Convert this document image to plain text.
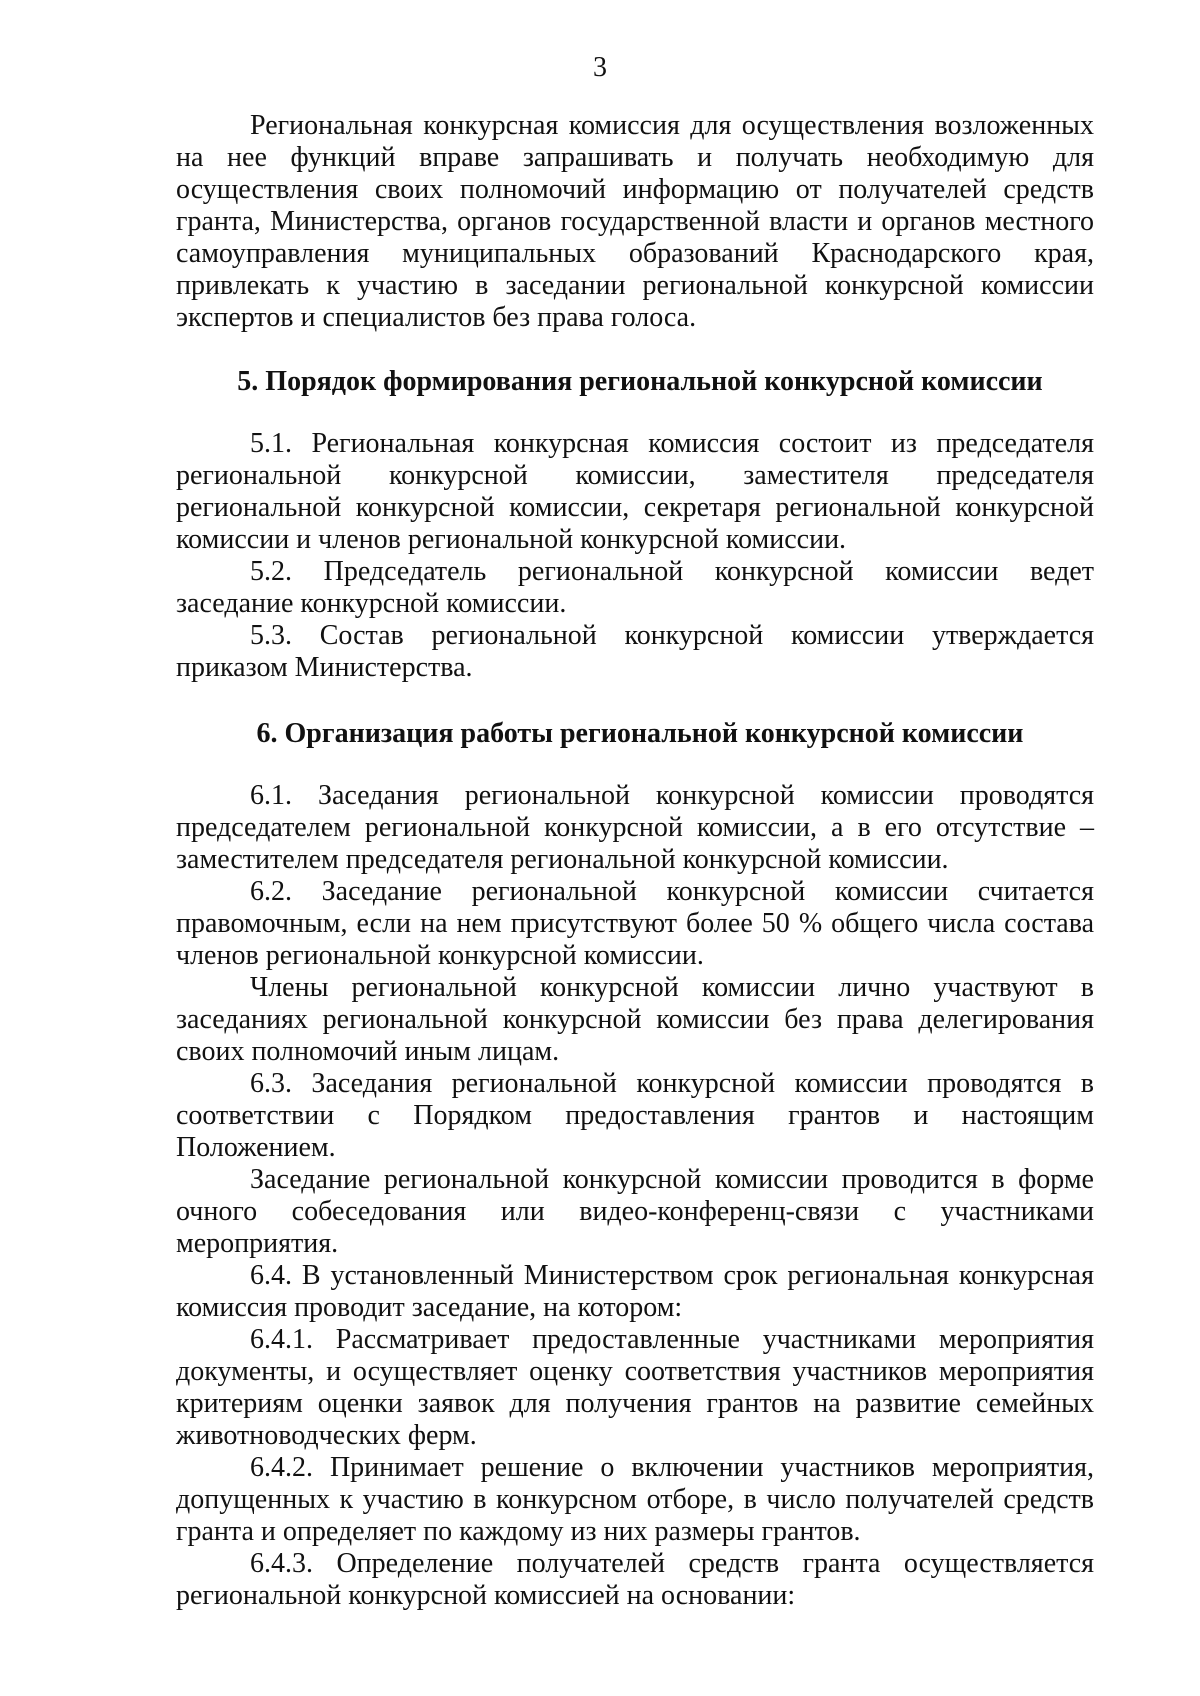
3

Региональная конкурсная комиссия для осуществления возложенных на нее функций вправе запрашивать и получать необходимую для осуществления своих полномочий информацию от получателей средств гранта, Министерства, органов государственной власти и органов местного самоуправления муниципальных образований Краснодарского края, привлекать к участию в заседании региональной конкурсной комиссии экспертов и специалистов без права голоса.

5. Порядок формирования региональной конкурсной комиссии

5.1. Региональная конкурсная комиссия состоит из председателя региональной конкурсной комиссии, заместителя председателя региональной конкурсной комиссии, секретаря региональной конкурсной комиссии и членов региональной конкурсной комиссии.

5.2. Председатель региональной конкурсной комиссии ведет заседание конкурсной комиссии.

5.3. Состав региональной конкурсной комиссии утверждается приказом Министерства.

6. Организация работы региональной конкурсной комиссии

6.1. Заседания региональной конкурсной комиссии проводятся председателем региональной конкурсной комиссии, а в его отсутствие – заместителем председателя региональной конкурсной комиссии.

6.2. Заседание региональной конкурсной комиссии считается правомочным, если на нем присутствуют более 50 % общего числа состава членов региональной конкурсной комиссии.

Члены региональной конкурсной комиссии лично участвуют в заседаниях региональной конкурсной комиссии без права делегирования своих полномочий иным лицам.

6.3. Заседания региональной конкурсной комиссии проводятся в соответствии с Порядком предоставления грантов и настоящим Положением.

Заседание региональной конкурсной комиссии проводится в форме очного собеседования или видео-конференц-связи с участниками мероприятия.

6.4. В установленный Министерством срок региональная конкурсная комиссия проводит заседание, на котором:

6.4.1. Рассматривает предоставленные участниками мероприятия документы, и осуществляет оценку соответствия участников мероприятия критериям оценки заявок для получения грантов на развитие семейных животноводческих ферм.

6.4.2. Принимает решение о включении участников мероприятия, допущенных к участию в конкурсном отборе, в число получателей средств гранта и определяет по каждому из них размеры грантов.

6.4.3. Определение получателей средств гранта осуществляется региональной конкурсной комиссией на основании:
